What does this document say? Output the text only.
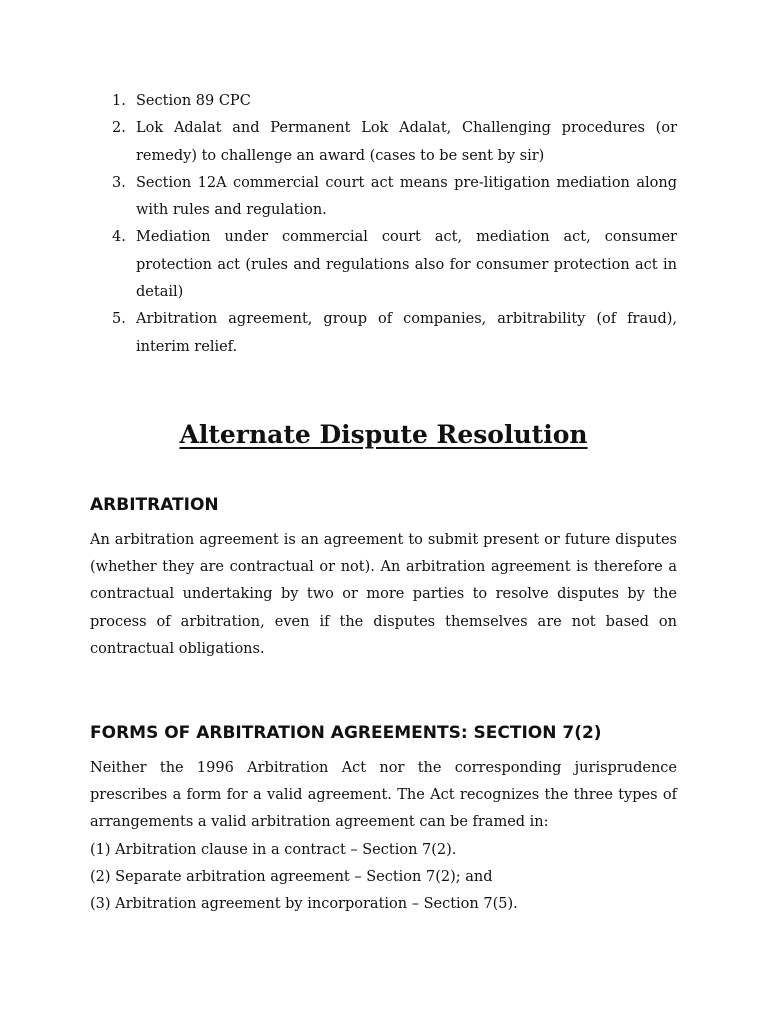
1. Section 89 CPC
2. Lok Adalat and Permanent Lok Adalat, Challenging procedures (or remedy) to challenge an award (cases to be sent by sir)
3. Section 12A commercial court act means pre-litigation mediation along with rules and regulation.
4. Mediation under commercial court act, mediation act, consumer protection act (rules and regulations also for consumer protection act in detail)
5. Arbitration agreement, group of companies, arbitrability (of fraud), interim relief.
Alternate Dispute Resolution
ARBITRATION

An arbitration agreement is an agreement to submit present or future disputes (whether they are contractual or not). An arbitration agreement is therefore a contractual undertaking by two or more parties to resolve disputes by the process of arbitration, even if the disputes themselves are not based on contractual obligations.

FORMS OF ARBITRATION AGREEMENTS: SECTION 7(2)

Neither the 1996 Arbitration Act nor the corresponding jurisprudence prescribes a form for a valid agreement. The Act recognizes the three types of arrangements a valid arbitration agreement can be framed in:

(1) Arbitration clause in a contract – Section 7(2).

(2) Separate arbitration agreement – Section 7(2); and

(3) Arbitration agreement by incorporation – Section 7(5).
